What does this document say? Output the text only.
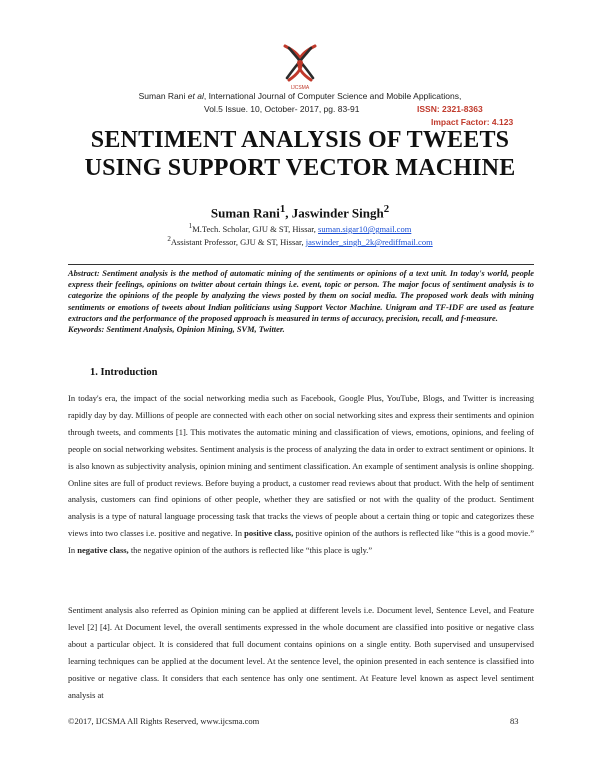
IJCSMA
Suman Rani et al, International Journal of Computer Science and Mobile Applications,
Vol.5 Issue. 10, October- 2017, pg. 83-91	ISSN: 2321-8363
Impact Factor: 4.123
SENTIMENT ANALYSIS OF TWEETS
USING SUPPORT VECTOR MACHINE
Suman Rani$^1$, Jaswinder Singh$^2$
$^1$M.Tech. Scholar, GJU & ST, Hissar, suman.sigar10@gmail.com
$^2$Assistant Professor, GJU & ST, Hissar, jaswinder_singh_2k@rediffmail.com
Abstract: Sentiment analysis is the method of automatic mining of the sentiments or opinions of a text unit. In today's world, people express their feelings, opinions on twitter about certain things i.e. event, topic or person. The major focus of sentiment analysis is to categorize the opinions of the people by analyzing the views posted by them on social media. The proposed work deals with mining sentiments or emotions of tweets about Indian politicians using Support Vector Machine. Unigram and TF-IDF are used as feature extractors and the performance of the proposed approach is measured in terms of accuracy, precision, recall, and f-measure.
Keywords: Sentiment Analysis, Opinion Mining, SVM, Twitter.
1. Introduction
In today's era, the impact of the social networking media such as Facebook, Google Plus, YouTube, Blogs, and Twitter is increasing rapidly day by day. Millions of people are connected with each other on social networking sites and express their sentiments and opinion through tweets, and comments [1]. This motivates the automatic mining and classification of views, emotions, opinions, and feeling of people on social networking websites. Sentiment analysis is the process of analyzing the data in order to extract sentiment or opinions. It is also known as subjectivity analysis, opinion mining and sentiment classification. An example of sentiment analysis is online shopping. Online sites are full of product reviews. Before buying a product, a customer read reviews about that product. With the help of sentiment analysis, customers can find opinions of other people, whether they are satisfied or not with the quality of the product. Sentiment analysis is a type of natural language processing task that tracks the views of people about a certain thing or topic and categorizes these views into two classes i.e. positive and negative. In positive class, positive opinion of the authors is reflected like “this is a good movie.” In negative class, the negative opinion of the authors is reflected like “this place is ugly.”
Sentiment analysis also referred as Opinion mining can be applied at different levels i.e. Document level, Sentence Level, and Feature level [2] [4]. At Document level, the overall sentiments expressed in the whole document are classified into positive or negative class about a particular object. It is considered that full document contains opinions on a single entity. Both supervised and unsupervised learning techniques can be applied at the document level. At the sentence level, the opinion presented in each sentence is classified into positive or negative class. It considers that each sentence has only one sentiment. At Feature level known as aspect level sentiment analysis at
©2017, IJCSMA All Rights Reserved, www.ijcsma.com	83
